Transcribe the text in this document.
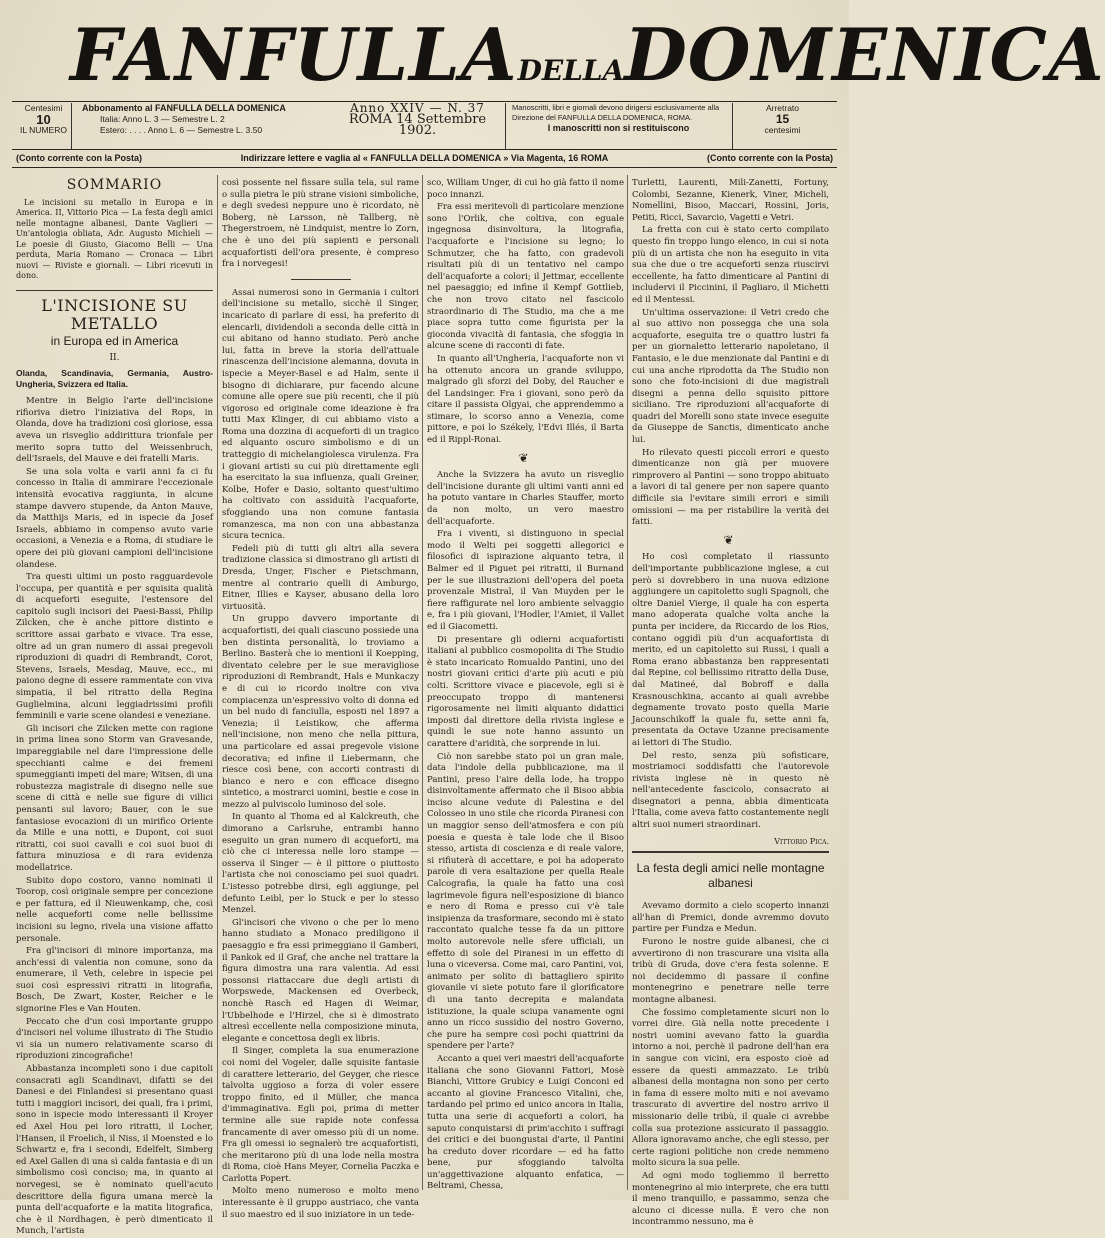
FANFULLADELLADOMENICA
Centesimi
10
IL NUMERO
Abbonamento al FANFULLA DELLA DOMENICA
Italia: Anno L. 3 — Semestre L. 2
Estero: . . . . Anno L. 6 — Semestre L. 3.50
Anno XXIV — N. 37
ROMA 14 Settembre 1902.
Manoscritti, libri e giornali devono dirigersi esclusivamente alla Direzione del FANFULLA DELLA DOMENICA, ROMA.
I manoscritti non si restituiscono
Arretrato
15
centesimi
(Conto corrente con la Posta)	Indirizzare lettere e vaglia al « FANFULLA DELLA DOMENICA » Via Magenta, 16 ROMA	(Conto corrente con la Posta)
SOMMARIO
Le incisioni su metallo in Europa e in America. II, Vittorio Pica — La festa degli amici nelle montagne albanesi, Dante Vaglieri — Un'antologia obliata, Adr. Augusto Michieli — Le poesie di Giusto, Giacomo Belli — Una perduta, Maria Romano — Cronaca — Libri nuovi — Riviste e giornali. — Libri ricevuti in dono.
L'INCISIONE SU METALLO
in Europa ed in America
II.
Olanda, Scandinavia, Germania, Austro-Ungheria, Svizzera ed Italia.

Mentre in Belgio l'arte dell'incisione rifioriva dietro l'iniziativa del Rops, in Olanda, dove ha tradizioni così gloriose, essa aveva un risveglio addirittura trionfale per merito sopra tutto del Weissenbruch, dell'Israels, del Mauve e dei fratelli Maris.

Se una sola volta e varii anni fa ci fu concesso in Italia di ammirare l'eccezionale intensità evocativa raggiunta, in alcune stampe davvero stupende, da Anton Mauve, da Matthijs Maris, ed in ispecie da Josef Israels, abbiamo in compenso avuto varie occasioni, a Venezia e a Roma, di studiare le opere dei più giovani campioni dell'incisione olandese.

Tra questi ultimi un posto ragguardevole l'occupa, per quantità e per squisita qualità di acqueforti eseguite, l'estensore del capitolo sugli incisori dei Paesi-Bassi, Philip Zilcken, che è anche pittore distinto e scrittore assai garbato e vivace. Tra esse, oltre ad un gran numero di assai pregevoli riproduzioni di quadri di Rembrandt, Corot, Stevens, Israels, Mesdag, Mauve, ecc., mi paiono degne di essere rammentate con viva simpatia, il bel ritratto della Regina Guglielmina, alcuni leggiadrissimi profili femminili e varie scene olandesi e veneziane.

Gli incisori che Zilcken mette con ragione in prima linea sono Storm van Gravesande, impareggiabile nel dare l'impressione delle specchianti calme e dei fremeni spumeggianti impeti del mare; Witsen, di una robustezza magistrale di disegno nelle sue scene di città e nelle sue figure di villici pensanti sul lavoro; Bauer, con le sue fantasiose evocazioni di un mirifico Oriente da Mille e una notti, e Dupont, coi suoi ritratti, coi suoi cavalli e coi suoi buoi di fattura minuziosa e di rara evidenza modellatrice.

Subito dopo costoro, vanno nominati il Toorop, così originale sempre per concezione e per fattura, ed il Nieuwenkamp, che, così nelle acqueforti come nelle bellissime incisioni su legno, rivela una visione affatto personale.

Fra gl'incisori di minore importanza, ma anch'essi di valentia non comune, sono da enumerare, il Veth, celebre in ispecie pei suoi così espressivi ritratti in litografia, Bosch, De Zwart, Koster, Reicher e le signorine Fles e Van Houten.

Peccato che d'un così importante gruppo d'incisori nel volume illustrato di The Studio vi sia un numero relativamente scarso di riproduzioni zincografiche!

Abbastanza incompleti sono i due capitoli consacrati agli Scandinavi, difatti se dei Danesi e dei Finlandesi si presentano quasi tutti i maggiori incisori, dei quali, fra i primi, sono in ispecie modo interessanti il Kroyer ed Axel Hou pei loro ritratti, il Locher, l'Hansen, il Froelich, il Niss, il Moensted e lo Schwartz e, fra i secondi, Edelfelt, Simberg ed Axel Gallen di una sì calda fantasia e di un simbolismo così conciso; ma, in quanto ai norvegesi, se è nominato quell'acuto descrittore della figura umana mercè la punta dell'acquaforte e la matita litografica, che è il Nordhagen, è però dimenticato il Munch, l'artista

così possente nel fissare sulla tela, sul rame o sulla pietra le più strane visioni simboliche, e degli svedesi neppure uno è ricordato, nè Boberg, nè Larsson, nè Tallberg, nè Thegerstroem, nè Lindquist, mentre lo Zorn, che è uno dei più sapienti e personali acquafortisti dell'ora presente, è compreso fra i norvegesi!

Assai numerosi sono in Germania i cultori dell'incisione su metallo, sicchè il Singer, incaricato di parlare di essi, ha preferito di elencarli, dividendoli a seconda delle città in cui abitano od hanno studiato. Però anche lui, fatta in breve la storia dell'attuale rinascenza dell'incisione alemanna, dovuta in ispecie a Meyer-Basel e ad Halm, sente il bisogno di dichiarare, pur facendo alcune comune alle opere sue più recenti, che il più vigoroso ed originale come ideazione è fra tutti Max Klinger, di cui abbiamo visto a Roma una dozzina di acqueforti di un tragico ed alquanto oscuro simbolismo e di un tratteggio di michelangiolesca virulenza. Fra i giovani artisti su cui più direttamente egli ha esercitato la sua influenza, quali Greiner, Kolbe, Hofer e Dasio, soltanto quest'ultimo ha coltivato con assiduità l'acquaforte, sfoggiando una non comune fantasia romanzesca, ma non con una abbastanza sicura tecnica.

Fedeli più di tutti gli altri alla severa tradizione classica si dimostrano gli artisti di Dresda, Unger, Fischer e Pietschmann, mentre al contrario quelli di Amburgo, Eitner, Illies e Kayser, abusano della loro virtuosità.

Un gruppo davvero importante di acquafortisti, dei quali ciascuno possiede una ben distinta personalità, lo troviamo a Berlino. Basterà che io mentioni il Koepping, diventato celebre per le sue meravigliose riproduzioni di Rembrandt, Hals e Munkaczy e di cui io ricordo inoltre con viva compiacenza un'espressivo volto di donna ed un bel nudo di fanciulla, esposti nel 1897 a Venezia; il Leistikow, che afferma nell'incisione, non meno che nella pittura, una particolare ed assai pregevole visione decorativa; ed infine il Liebermann, che riesce così bene, con accorti contrasti di bianco e nero e con efficace disegno sintetico, a mostrarci uomini, bestie e cose in mezzo al pulviscolo luminoso del sole.

In quanto al Thoma ed al Kalckreuth, che dimorano a Carlsruhe, entrambi hanno eseguito un gran numero di acqueforti, ma ciò che ci interessa nelle loro stampe — osserva il Singer — è il pittore o piuttosto l'artista che noi conosciamo pei suoi quadri. L'istesso potrebbe dirsi, egli aggiunge, pel defunto Leibl, per lo Stuck e per lo stesso Menzel.

Gl'incisori che vivono o che per lo meno hanno studiato a Monaco prediligono il paesaggio e fra essi primeggiano il Gamberi, il Pankok ed il Graf, che anche nel trattare la figura dimostra una rara valentia. Ad essi possonsi riattaccare due degli artisti di Worpswede, Mackensen ed Overbeck, nonchè Rasch ed Hagen di Weimar, l'Ubbelhode e l'Hirzel, che si è dimostrato altresì eccellente nella composizione minuta, elegante e concettosa degli ex libris.

Il Singer, completa la sua enumerazione coi nomi del Vogeler, dalle squisite fantasie di carattere letterario, del Geyger, che riesce talvolta uggioso a forza di voler essere troppo finito, ed il Müller, che manca d'immaginativa. Egli poi, prima di metter termine alle sue rapide note confessa francamente di aver omesso più di un nome. Fra gli omessi io segnalerò tre acquafortisti, che meritarono più di una lode nella mostra di Roma, cioè Hans Meyer, Cornelia Paczka e Carlotta Popert.

Molto meno numeroso e molto meno interessante è il gruppo austriaco, che vanta il suo maestro ed il suo iniziatore in un tede-

sco, William Unger, di cui ho già fatto il nome poco innanzi.

Fra essi meritevoli di particolare menzione sono l'Orlik, che coltiva, con eguale ingegnosa disinvoltura, la litografia, l'acquaforte e l'incisione su legno; lo Schmutzer, che ha fatto, con gradevoli risultati più di un tentativo nel campo dell'acquaforte a colori; il Jettmar, eccellente nel paesaggio; ed infine il Kempf Gottlieb, che non trovo citato nel fascicolo straordinario di The Studio, ma che a me piace sopra tutto come figurista per la gioconda vivacità di fantasia, che sfoggia in alcune scene di racconti di fate.

In quanto all'Ungheria, l'acquaforte non vi ha ottenuto ancora un grande sviluppo, malgrado gli sforzi del Doby, del Raucher e del Landsinger. Fra i giovani, sono però da citare il passista Olgyai, che apprendemmo a stimare, lo scorso anno a Venezia, come pittore, e poi lo Székely, l'Edvi Illés, il Barta ed il Rippl-Ronai.

❦

Anche la Svizzera ha avuto un risveglio dell'incisione durante gli ultimi vanti anni ed ha potuto vantare in Charles Stauffer, morto da non molto, un vero maestro dell'acquaforte.

Fra i viventi, si distinguono in special modo il Welti pei soggetti allegorici e filosofici di ispirazione alquanto tetra, il Balmer ed il Piguet pei ritratti, il Burnand per le sue illustrazioni dell'opera del poeta provenzale Mistral, il Van Muyden per le fiere raffigurate nel loro ambiente selvaggio e, fra i più giovani, l'Hodler, l'Amiet, il Vallet ed il Giacometti.

Di presentare gli odierni acquafortisti italiani al pubblico cosmopolita di The Studio è stato incaricato Romualdo Pantini, uno dei nostri giovani critici d'arte più acuti e più colti. Scrittore vivace e piacevole, egli si è preoccupato troppo di mantenersi rigorosamente nei limiti alquanto didattici imposti dal direttore della rivista inglese e quindi le sue note hanno assunto un carattere d'aridità, che sorprende in lui.

Ciò non sarebbe stato poi un gran male, data l'indole della pubblicazione, ma il Pantini, preso l'aire della lode, ha troppo disinvoltamente affermato che il Bisoo abbia inciso alcune vedute di Palestina e del Colosseo in uno stile che ricorda Piranesi con un maggior senso dell'atmosfera e con più poesia e questa è tale lode che il Bisoo stesso, artista di coscienza e di reale valore, si rifiuterà di accettare, e poi ha adoperato parole di vera esaltazione per quella Reale Calcografia, la quale ha fatto una così lagrimevole figura nell'esposizione di bianco e nero di Roma e presso cui v'è tale insipienza da trasformare, secondo mi è stato raccontato qualche tesse fa da un pittore molto autorevole nelle sfere ufficiali, un effetto di sole del Piranesi in un effetto di luna o viceversa. Come mai, caro Pantini, voi, animato per solito di battagliero spirito giovanile vi siete potuto fare il glorificatore di una tanto decrepita e malandata istituzione, la quale sciupa vanamente ogni anno un ricco sussidio del nostro Governo, che pure ha sempre così pochi quattrini da spendere per l'arte?

Accanto a quei veri maestri dell'acquaforte italiana che sono Giovanni Fattori, Mosè Bianchi, Vittore Grubicy e Luigi Conconi ed accanto al giovine Francesco Vitalini, che, tardando pel primo ed unico ancora in Italia, tutta una serie di acqueforti a colori, ha saputo conquistarsi di prim'acchito i suffragi dei critici e dei buongustai d'arte, il Pantini ha creduto dover ricordare — ed ha fatto bene, pur sfoggiando talvolta un'aggettivazione alquanto enfatica, — Beltrami, Chessa,

Turletti, Laurenti, Mili-Zanetti, Fortuny, Colombi, Sezanne, Kienerk, Viner, Micheli, Nomellini, Bisoo, Maccari, Rossini, Joris, Petiti, Ricci, Savarcio, Vagetti e Vetri.

La fretta con cui è stato certo compilato questo fin troppo lungo elenco, in cui si nota più di un artista che non ha eseguito in vita sua che due o tre acqueforti senza riuscirvi eccellente, ha fatto dimenticare al Pantini di includervi il Piccinini, il Pagliaro, il Michetti ed il Mentessi.

Un'ultima osservazione: il Vetri credo che al suo attivo non possegga che una sola acquaforte, eseguita tre o quattro lustri fa per un giornaletto letterario napoletano, il Fantasio, e le due menzionate dal Pantini e di cui una anche riprodotta da The Studio non sono che foto-incisioni di due magistrali disegni a penna dello squisito pittore siciliano. Tre riproduzioni all'acquaforte di quadri del Morelli sono state invece eseguite da Giuseppe de Sanctis, dimenticato anche lui.

Ho rilevato questi piccoli errori e questo dimenticanze non già per muovere rimprovero al Pantini — sono troppo abituato a lavori di tal genere per non sapere quanto difficile sia l'evitare simili errori e simili omissioni — ma per ristabilire la verità dei fatti.

❦

Ho così completato il riassunto dell'importante pubblicazione inglese, a cui però si dovrebbero in una nuova edizione aggiungere un capitoletto sugli Spagnoli, che oltre Daniel Vierge, il quale ha con esperta mano adoperata qualche volta anche la punta per incidere, da Riccardo de los Rios, contano oggidì più d'un acquafortista di merito, ed un capitoletto sui Russi, i quali a Roma erano abbastanza ben rappresentati dal Repine, col bellissimo ritratto della Duse, dal Matineé, dal Bobroff e dalla Krasnouschkina, accanto ai quali avrebbe degnamente trovato posto quella Marie Jacounschikoff la quale fu, sette anni fa, presentata da Octave Uzanne precisamente ai lettori di The Studio.

Del resto, senza più sofisticare, mostriamoci soddisfatti che l'autorevole rivista inglese nè in questo nè nell'antecedente fascicolo, consacrato ai disegnatori a penna, abbia dimenticata l'Italia, come aveva fatto costantemente negli altri suoi numeri straordinari.

Vittorio Pica.
La festa degli amici nelle montagne albanesi

Avevamo dormito a cielo scoperto innanzi all'han di Premici, donde avremmo dovuto partire per Fundza e Medun.

Furono le nostre guide albanesi, che ci avvertirono di non trascurare una visita alla tribù di Gruda, dove c'era festa solenne. E noi decidemmo di passare il confine montenegrino e penetrare nelle terre montagne albanesi.

Che fossimo completamente sicuri non lo vorrei dire. Già nella notte precedente i nostri uomini avevano fatto la guardia intorno a noi, perchè il padrone dell'han era in sangue con vicini, era esposto cioè ad essere da questi ammazzato. Le tribù albanesi della montagna non sono per certo in fama di essere molto miti e noi avevamo trascurato di avvertire del nostro arrivo il missionario delle tribù, il quale ci avrebbe colla sua protezione assicurato il passaggio. Allora ignoravamo anche, che egli stesso, per certe ragioni politiche non crede nemmeno molto sicura la sua pelle.

Ad ogni modo togliemmo il berretto montenegrino al mio interprete, che era tutti il meno tranquillo, e passammo, senza che alcuno ci dicesse nulla. È vero che non incontrammo nessuno, ma è
